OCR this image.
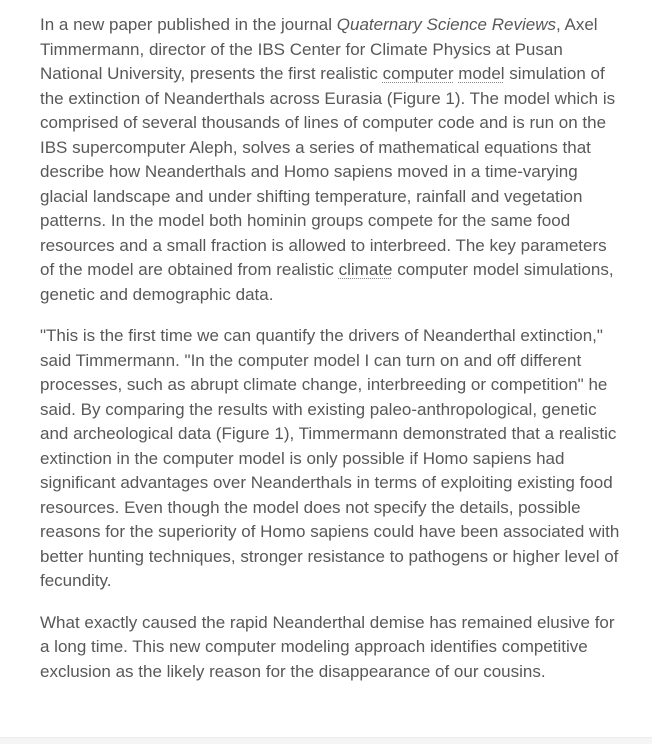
In a new paper published in the journal Quaternary Science Reviews, Axel Timmermann, director of the IBS Center for Climate Physics at Pusan National University, presents the first realistic computer model simulation of the extinction of Neanderthals across Eurasia (Figure 1). The model which is comprised of several thousands of lines of computer code and is run on the IBS supercomputer Aleph, solves a series of mathematical equations that describe how Neanderthals and Homo sapiens moved in a time-varying glacial landscape and under shifting temperature, rainfall and vegetation patterns. In the model both hominin groups compete for the same food resources and a small fraction is allowed to interbreed. The key parameters of the model are obtained from realistic climate computer model simulations, genetic and demographic data.

"This is the first time we can quantify the drivers of Neanderthal extinction," said Timmermann. "In the computer model I can turn on and off different processes, such as abrupt climate change, interbreeding or competition" he said. By comparing the results with existing paleo-anthropological, genetic and archeological data (Figure 1), Timmermann demonstrated that a realistic extinction in the computer model is only possible if Homo sapiens had significant advantages over Neanderthals in terms of exploiting existing food resources. Even though the model does not specify the details, possible reasons for the superiority of Homo sapiens could have been associated with better hunting techniques, stronger resistance to pathogens or higher level of fecundity.

What exactly caused the rapid Neanderthal demise has remained elusive for a long time. This new computer modeling approach identifies competitive exclusion as the likely reason for the disappearance of our cousins.
